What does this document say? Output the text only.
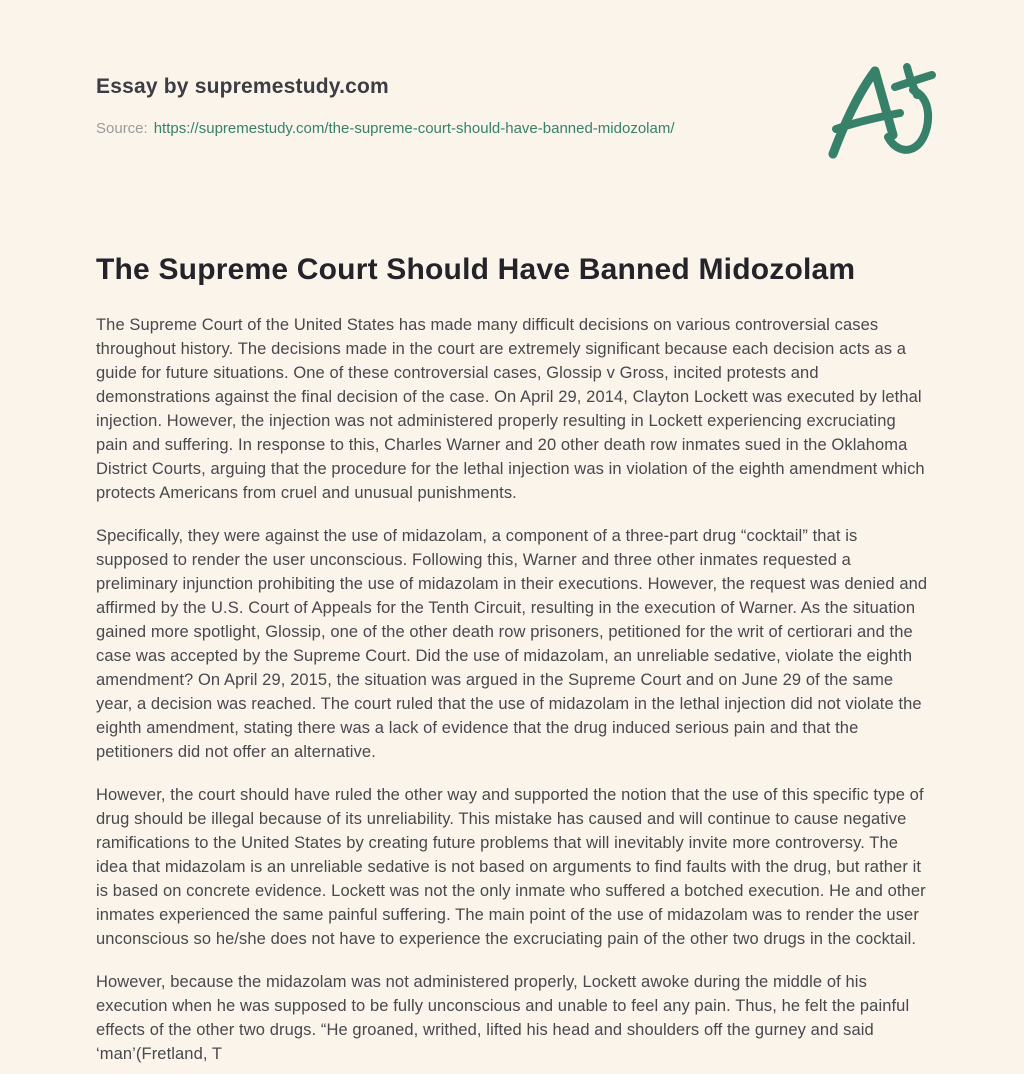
Essay by supremestudy.com

Source: https://supremestudy.com/the-supreme-court-should-have-banned-midozolam/

The Supreme Court Should Have Banned Midozolam

The Supreme Court of the United States has made many difficult decisions on various controversial cases throughout history. The decisions made in the court are extremely significant because each decision acts as a guide for future situations. One of these controversial cases, Glossip v Gross, incited protests and demonstrations against the final decision of the case. On April 29, 2014, Clayton Lockett was executed by lethal injection. However, the injection was not administered properly resulting in Lockett experiencing excruciating pain and suffering. In response to this, Charles Warner and 20 other death row inmates sued in the Oklahoma District Courts, arguing that the procedure for the lethal injection was in violation of the eighth amendment which protects Americans from cruel and unusual punishments.

Specifically, they were against the use of midazolam, a component of a three-part drug “cocktail” that is supposed to render the user unconscious. Following this, Warner and three other inmates requested a preliminary injunction prohibiting the use of midazolam in their executions. However, the request was denied and affirmed by the U.S. Court of Appeals for the Tenth Circuit, resulting in the execution of Warner. As the situation gained more spotlight, Glossip, one of the other death row prisoners, petitioned for the writ of certiorari and the case was accepted by the Supreme Court. Did the use of midazolam, an unreliable sedative, violate the eighth amendment? On April 29, 2015, the situation was argued in the Supreme Court and on June 29 of the same year, a decision was reached. The court ruled that the use of midazolam in the lethal injection did not violate the eighth amendment, stating there was a lack of evidence that the drug induced serious pain and that the petitioners did not offer an alternative.

However, the court should have ruled the other way and supported the notion that the use of this specific type of drug should be illegal because of its unreliability. This mistake has caused and will continue to cause negative ramifications to the United States by creating future problems that will inevitably invite more controversy. The idea that midazolam is an unreliable sedative is not based on arguments to find faults with the drug, but rather it is based on concrete evidence. Lockett was not the only inmate who suffered a botched execution. He and other inmates experienced the same painful suffering. The main point of the use of midazolam was to render the user unconscious so he/she does not have to experience the excruciating pain of the other two drugs in the cocktail.

However, because the midazolam was not administered properly, Lockett awoke during the middle of his execution when he was supposed to be fully unconscious and unable to feel any pain. Thus, he felt the painful effects of the other two drugs. “He groaned, writhed, lifted his head and shoulders off the gurney and said ‘man’(Fretland, T
